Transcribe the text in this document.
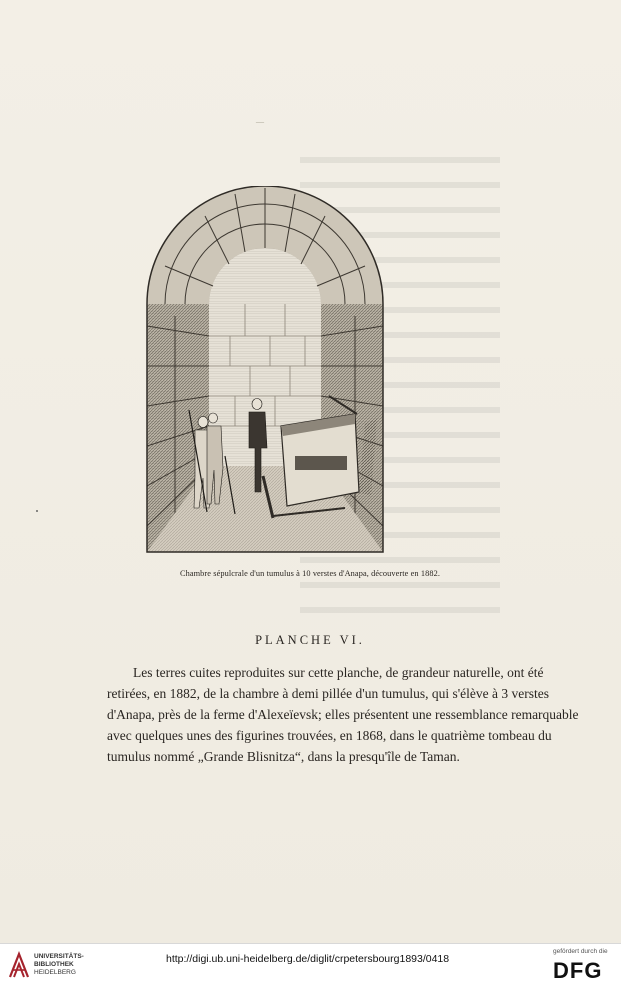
—
Chambre sépulcrale d'un tumulus à 10 verstes d'Anapa, découverte en 1882.
PLANCHE VI.
Les terres cuites reproduites sur cette planche, de grandeur naturelle, ont été
retirées, en 1882, de la chambre à demi pillée d'un tumulus, qui s'élève à 3 verstes
d'Anapa, près de la ferme d'Alexeïevsk; elles présentent une ressemblance remarquable
avec quelques unes des figurines trouvées, en 1868, dans le quatrième tombeau du
tumulus nommé „Grande Blisnitza“, dans la presqu'île de Taman.
UNIVERSITÄTS-
BIBLIOTHEK
HEIDELBERG
http://digi.ub.uni-heidelberg.de/diglit/crpetersbourg1893/0418
gefördert durch die
DFG
